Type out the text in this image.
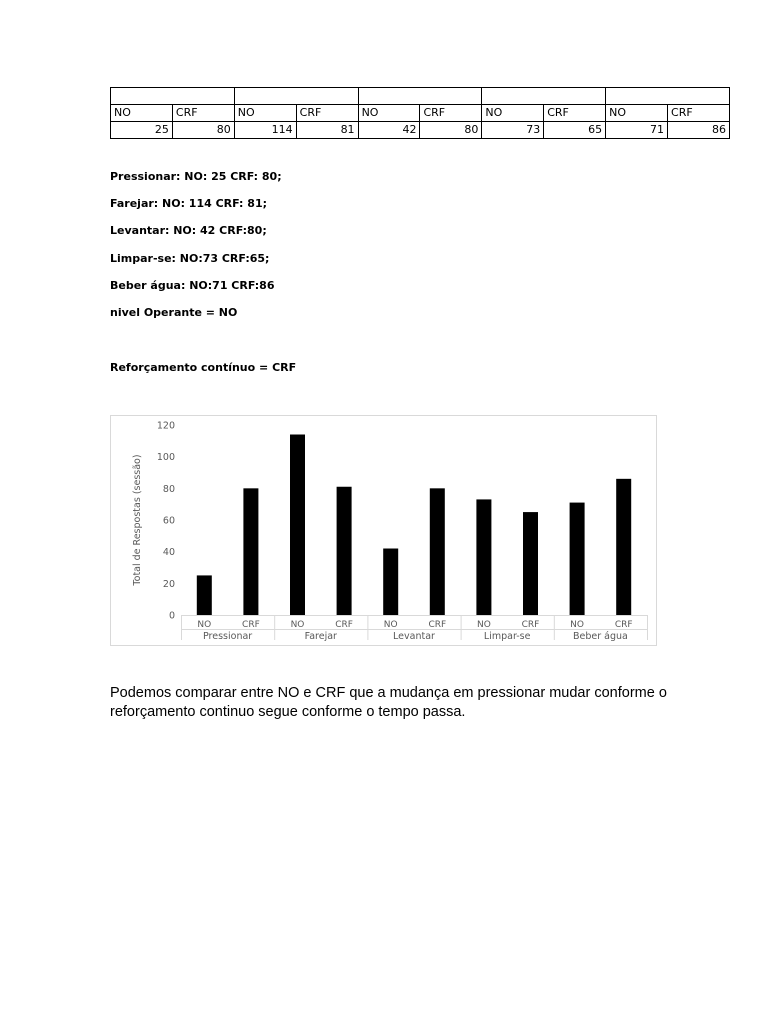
NO	CRF	NO	CRF	NO	CRF	NO	CRF	NO	CRF
25	80	114	81	42	80	73	65	71	86
Pressionar: NO: 25 CRF: 80;
Farejar: NO: 114 CRF: 81;
Levantar: NO: 42 CRF:80;
Limpar-se: NO:73 CRF:65;
Beber água: NO:71 CRF:86
nivel Operante = NO
Reforçamento contínuo = CRF
0
20
40
60
80
100
120
Total de Respostas (sessão)
NO	CRF	NO	CRF	NO	CRF	NO	CRF	NO	CRF
Pressionar	Farejar	Levantar	Limpar-se	Beber água
Podemos comparar entre NO e CRF que a mudança em pressionar mudar conforme o reforçamento continuo segue conforme o tempo passa.
